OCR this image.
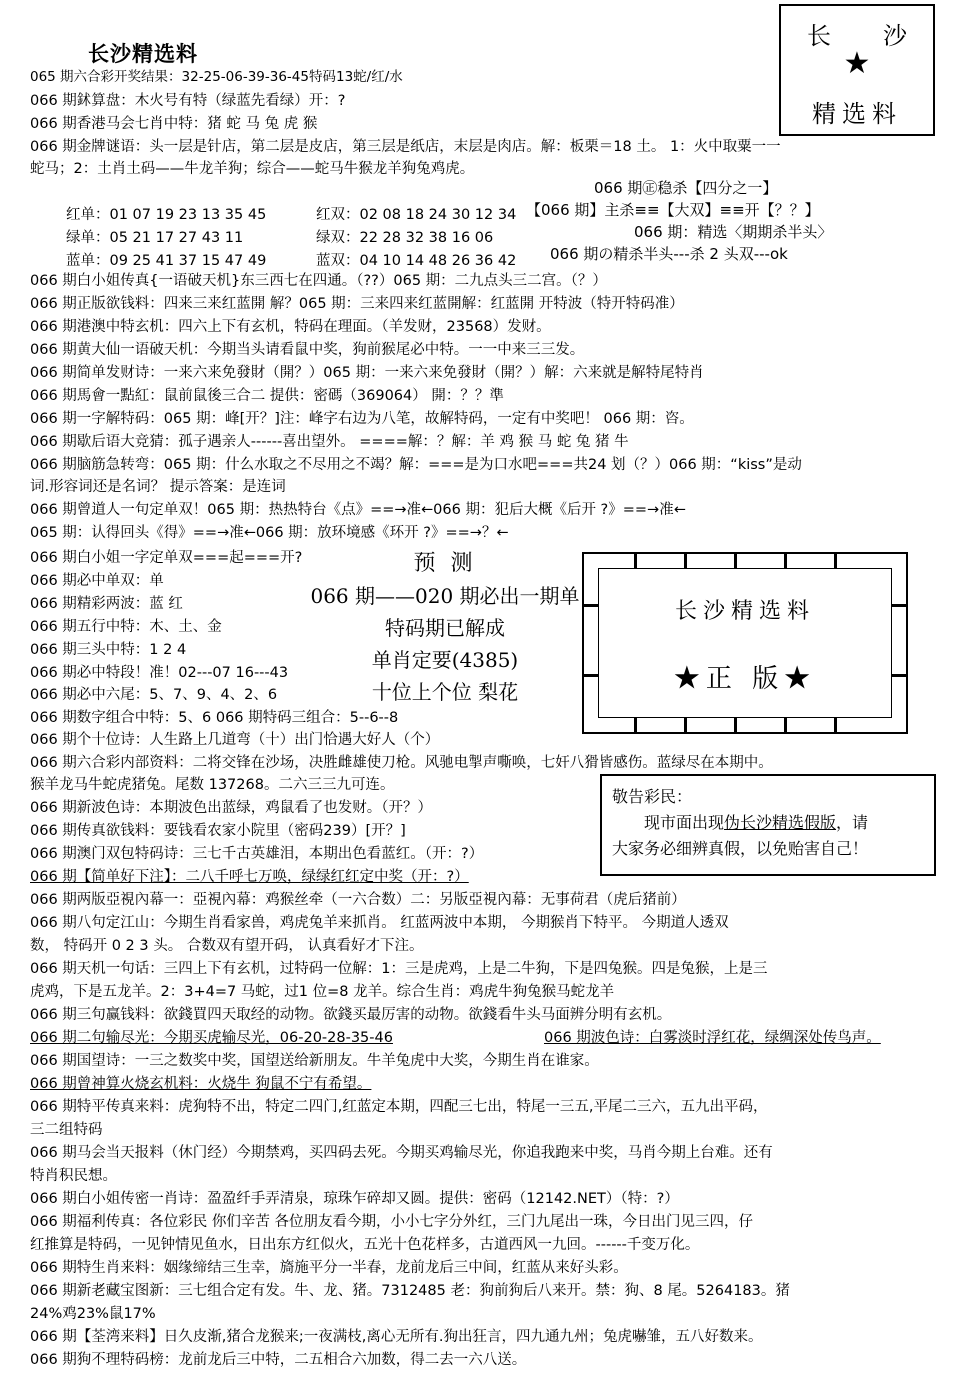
长沙精选料
长 沙
★
精选料
065 期六合彩开奖结果：32-25-06-39-36-45特码13蛇/红/水
066 期鉥算盘：木火号有特（绿蓝先看绿）开：?
066 期香港马会七肖中特：猪 蛇 马 兔 虎 猴
066 期金牌谜语：头一层是针店，第二层是皮店，第三层是纸店，末层是肉店。解：板栗＝18 土。 1：火中取粟一一
蛇马；2：土肖土码——牛龙羊狗；综合——蛇马牛猴龙羊狗兔鸡虎。
066 期㊣稳杀【四分之一】
【066 期】主杀≡≡【大双】≡≡开【？？】
066 期：精选〈期期杀半头〉
066 期の精杀半头---杀 2 头双---ok
红单：01 07 19 23 13 35 45	红双：02 08 18 24 30 12 34
绿单：05 21 17 27 43 11	绿双：22 28 32 38 16 06
蓝单：09 25 41 37 15 47 49	蓝双：04 10 14 48 26 36 42
066 期白小姐传真{一语破天机}东三西七在四通。（??）065 期：二九点头三二宫。（？）
066 期正版欲钱料：四来三来红蓝開 解？065 期：三来四来红蓝開解：红蓝開 开特波（特开特码准）
066 期港澳中特玄机：四六上下有玄机，特码在理面。（羊发财，23568）发财。
066 期黄大仙一语破天机：今期当头请看鼠中奖，狗前猴尾必中特。一一中来三三发。
066 期简单发财诗：一来六来免發財（開？）065 期：一来六来免發財（開？）解：六来就是解特尾特肖
066 期馬會一點紅：鼠前鼠後三合二 提供：密碼（369064） 開：？？準
066 期一字解特码：065 期：峰[开？]注：峰字右边为八笔，故解特码，一定有中奖吧！ 066 期：咨。
066 期歇后语大竞猜：孤子遇亲人------喜出望外。 ====解：？解：羊 鸡 猴 马 蛇 兔 猪 牛
066 期脑筋急转弯：065 期：什么水取之不尽用之不竭？解：===是为口水吧===共24 划（？）066 期：“kiss”是动
词.形容词还是名词？ 提示答案：是连词
066 期曾道人一句定单双！065 期：热热特台《点》==→准←066 期：犯后大概《后开 ?》==→准←
065 期：认得回头《得》==→准←066 期：放环境感《环开 ?》==→？←
066 期白小姐一字定单双===起===开?
066 期必中单双：单
066 期精彩两波：蓝 红
066 期五行中特：木、土、金
066 期三头中特：1 2 4
066 期必中特段！准！02---07 16---43
066 期必中六尾：5、7、9、4、2、6
066 期数字组合中特：5、6 066 期特码三组合：5--6--8
066 期个十位诗：人生路上几道弯（十）出门恰遇大好人（个）
预 测
066 期——020 期必出一期单
特码期已解成
单肖定要(4385)
十位上个位 梨花
长沙精选料
★正 版★
066 期六合彩内部资料：二将交锋在沙场，决胜雌雄使刀枪。风驰电掣声嘶唤，七奸八猾皆感伤。蓝绿尽在本期中。
猴羊龙马牛蛇虎猪兔。尾数 137268。二六三三九可连。
066 期新波色诗：本期波色出蓝绿，鸡鼠看了也发财。（开？）
066 期传真欲钱料：要钱看农家小院里（密码239）[开？]
066 期澳门双包特码诗：三七千古英雄泪，本期出色看蓝红。（开：?）
066 期【简单好下注】：二八千呼七万唤，绿绿红红定中奖（开：?）
066 期两版亞視內幕一：亞視內幕：鸡猴丝牵（一六合数）二：另版亞視內幕：无事荷君（虎后猪前）
066 期八句定江山：今期生肖看家兽，鸡虎兔羊来抓肖。 红蓝两波中本期， 今期猴肖下特平。 今期道人透双
数， 特码开 0 2 3 头。 合数双有望开码， 认真看好才下注。
066 期天机一句话：三四上下有玄机，过特码一位解：1：三是虎鸡，上是二牛狗，下是四兔猴。四是兔猴，上是三
虎鸡，下是五龙羊。2：3+4=7 马蛇，过1 位=8 龙羊。综合生肖：鸡虎牛狗兔猴马蛇龙羊
066 期三句赢钱料：欲錢買四天取经的动物。欲錢买最厉害的动物。欲錢看牛头马面辨分明有玄机。
敬告彩民：
现市面出现伪长沙精选假版，请
大家务必细辨真假，以免贻害自己！
066 期二句输尽光：今期买虎输尽光，06-20-28-35-46	066 期波色诗：白雾淡时浮红花，绿绸深处传鸟声。
066 期国望诗：一三之数奖中奖，国望送给新朋友。牛羊兔虎中大奖，今期生肖在谁家。
066 期曾神算火烧玄机料：火烧牛 狗鼠不宁有希望。
066 期特平传真来料：虎狗特不出，特定二四门,红蓝定本期，四配三七出，特尾一三五,平尾二三六，五九出平码，
三二组特码
066 期马会当天报料（休门经）今期禁鸡，买四码去死。今期买鸡输尽光，你追我跑来中奖，马肖今期上台难。还有
特肖积民想。
066 期白小姐传密一肖诗：盈盈纤手弄清泉，琼珠乍碎却又圆。提供：密码（12142.NET）（特：?）
066 期福利传真：各位彩民 你们辛苦 各位朋友看今期，小小七字分外红，三门九尾出一珠，今日出门见三四，仔
红推算是特码，一见钟情见鱼水，日出东方红似火，五光十色花样多，古道西风一九回。------千变万化。
066 期特生肖来料：姻缘缔结三生幸，旖施平分一半春，龙前龙后三中间，红蓝从来好头彩。
066 期新老藏宝图新：三七组合定有发。牛、龙、猪。7312485 老：狗前狗后八来开。禁：狗、8 尾。5264183。猪
24%鸡23%鼠17%
066 期【荃湾来料】日久皮渐,猪合龙猴来;一夜满枝,离心无所有.狗出狂言，四九通九州；兔虎嚇雏，五八好数来。
066 期狗不理特码榜：龙前龙后三中特，二五相合六加数，得二去一六八送。
